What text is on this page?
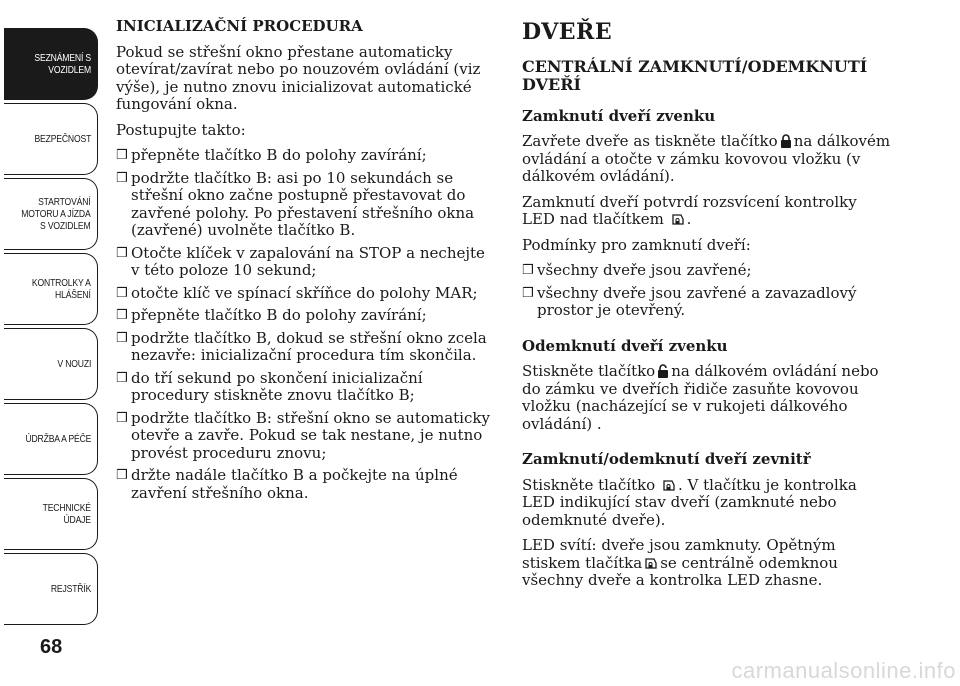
SEZNÁMENÍ S
VOZIDLEM
BEZPEČNOST
STARTOVÁNÍ
MOTORU A JÍZDA
S VOZIDLEM
KONTROLKY A
HLÁŠENÍ
V NOUZI
ÚDRŽBA A PÉČE
TECHNICKÉ
ÚDAJE
REJSTŘÍK
68
INICIALIZAČNÍ PROCEDURA

Pokud se střešní okno přestane automaticky otevírat/zavírat nebo po nouzovém ovládání (viz výše), je nutno znovu inicializovat automatické fungování okna.

Postupujte takto:

❒ přepněte tlačítko B do polohy zavírání;
❒ podržte tlačítko B: asi po 10 sekundách se střešní okno začne postupně přestavovat do zavřené polohy. Po přestavení střešního okna (zavřené) uvolněte tlačítko B.
❒ Otočte klíček v zapalování na STOP a nechejte v této poloze 10 sekund;
❒ otočte klíč ve spínací skříňce do polohy MAR;
❒ přepněte tlačítko B do polohy zavírání;
❒ podržte tlačítko B, dokud se střešní okno zcela nezavře: inicializační procedura tím skončila.
❒ do tří sekund po skončení inicializační procedury stiskněte znovu tlačítko B;
❒ podržte tlačítko B: střešní okno se automaticky otevře a zavře. Pokud se tak nestane, je nutno provést proceduru znovu;
❒ držte nadále tlačítko B a počkejte na úplné zavření střešního okna.
DVEŘE
CENTRÁLNÍ ZAMKNUTÍ/ODEMKNUTÍ DVEŘÍ
Zamknutí dveří zvenku

Zavřete dveře as tiskněte tlačítko na dálkovém ovládání a otočte v zámku kovovou vložku (v dálkovém ovládání).

Zamknutí dveří potvrdí rozsvícení kontrolky LED nad tlačítkem .

Podmínky pro zamknutí dveří:

❒ všechny dveře jsou zavřené;
❒ všechny dveře jsou zavřené a zavazadlový prostor je otevřený.
Odemknutí dveří zvenku

Stiskněte tlačítko na dálkovém ovládání nebo do zámku ve dveřích řidiče zasuňte kovovou vložku (nacházející se v rukojeti dálkového ovládání) .

Zamknutí/odemknutí dveří zevnitř

Stiskněte tlačítko . V tlačítku je kontrolka LED indikující stav dveří (zamknuté nebo odemknuté dveře).

LED svítí: dveře jsou zamknuty. Opětným stiskem tlačítka se centrálně odemknou všechny dveře a kontrolka LED zhasne.

carmanualsonline.info
